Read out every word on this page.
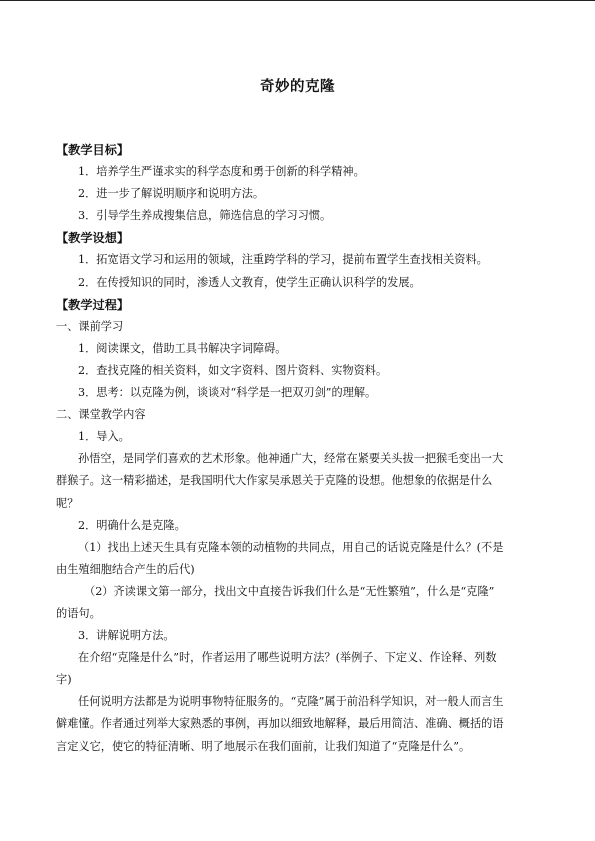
奇妙的克隆
【教学目标】
1．培养学生严谨求实的科学态度和勇于创新的科学精神。
2．进一步了解说明顺序和说明方法。
3．引导学生养成搜集信息，筛选信息的学习习惯。
【教学设想】
1．拓宽语文学习和运用的领域，注重跨学科的学习，提前布置学生查找相关资料。
2．在传授知识的同时，渗透人文教育，使学生正确认识科学的发展。
【教学过程】
一、课前学习
1．阅读课文，借助工具书解决字词障碍。
2．查找克隆的相关资料，如文字资料、图片资料、实物资料。
3．思考：以克隆为例，谈谈对“科学是一把双刃剑”的理解。
二、课堂教学内容
1．导入。
孙悟空，是同学们喜欢的艺术形象。他神通广大，经常在紧要关头拔一把猴毛变出一大
群猴子。这一精彩描述，是我国明代大作家吴承恩关于克隆的设想。他想象的依据是什么
呢？
2．明确什么是克隆。
（1）找出上述天生具有克隆本领的动植物的共同点，用自己的话说克隆是什么？(不是
由生殖细胞结合产生的后代)
（2）齐读课文第一部分，找出文中直接告诉我们什么是“无性繁殖”，什么是“克隆”
的语句。
3．讲解说明方法。
在介绍“克隆是什么”时，作者运用了哪些说明方法？(举例子、下定义、作诠释、列数
字)
任何说明方法都是为说明事物特征服务的。“克隆”属于前沿科学知识，对一般人而言生
僻难懂。作者通过列举大家熟悉的事例，再加以细致地解释，最后用简洁、准确、概括的语
言定义它，使它的特征清晰、明了地展示在我们面前，让我们知道了“克隆是什么”。
